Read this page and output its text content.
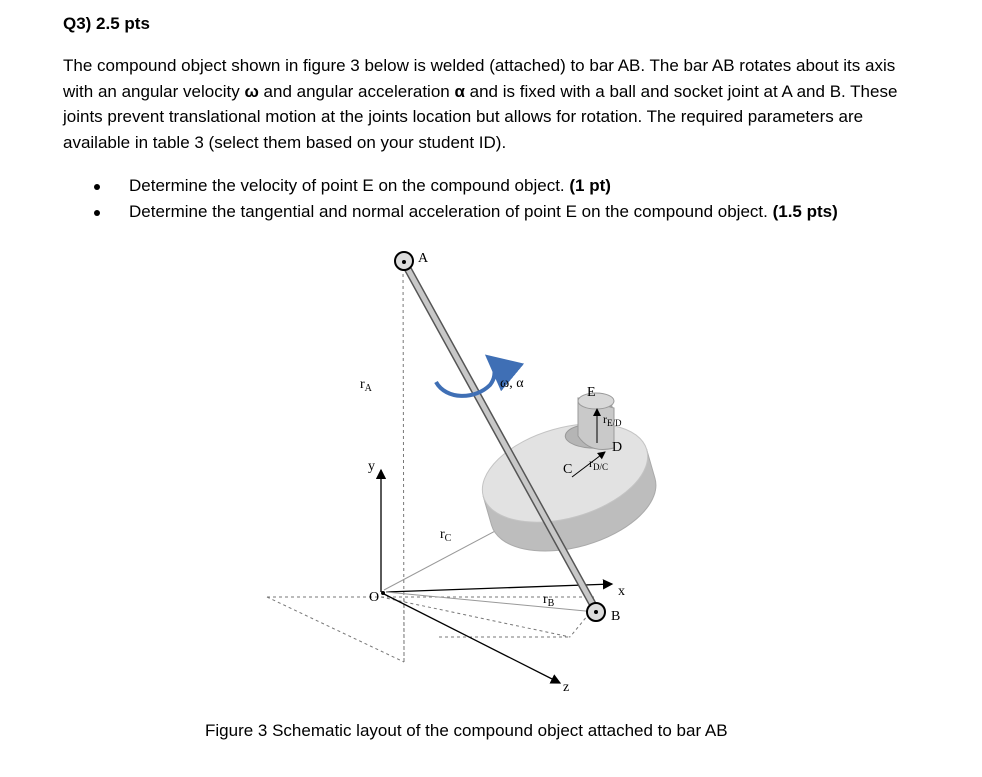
Q3) 2.5 pts
The compound object shown in figure 3 below is welded (attached) to bar AB. The bar AB rotates about its axis with an angular velocity ω and angular acceleration α and is fixed with a ball and socket joint at A and B. These joints prevent translational motion at the joints location but allows for rotation. The required parameters are available in table 3 (select them based on your student ID).
Determine the velocity of point E on the compound object. (1 pt)
Determine the tangential and normal acceleration of point E on the compound object. (1.5 pts)
A
B
C
D
E
O	x
y
z
ω, α
$r_A$
$r_B$
$r_C$
$r_{E/D}$
$r_{D/C}$
Figure 3 Schematic layout of the compound object attached to bar AB
